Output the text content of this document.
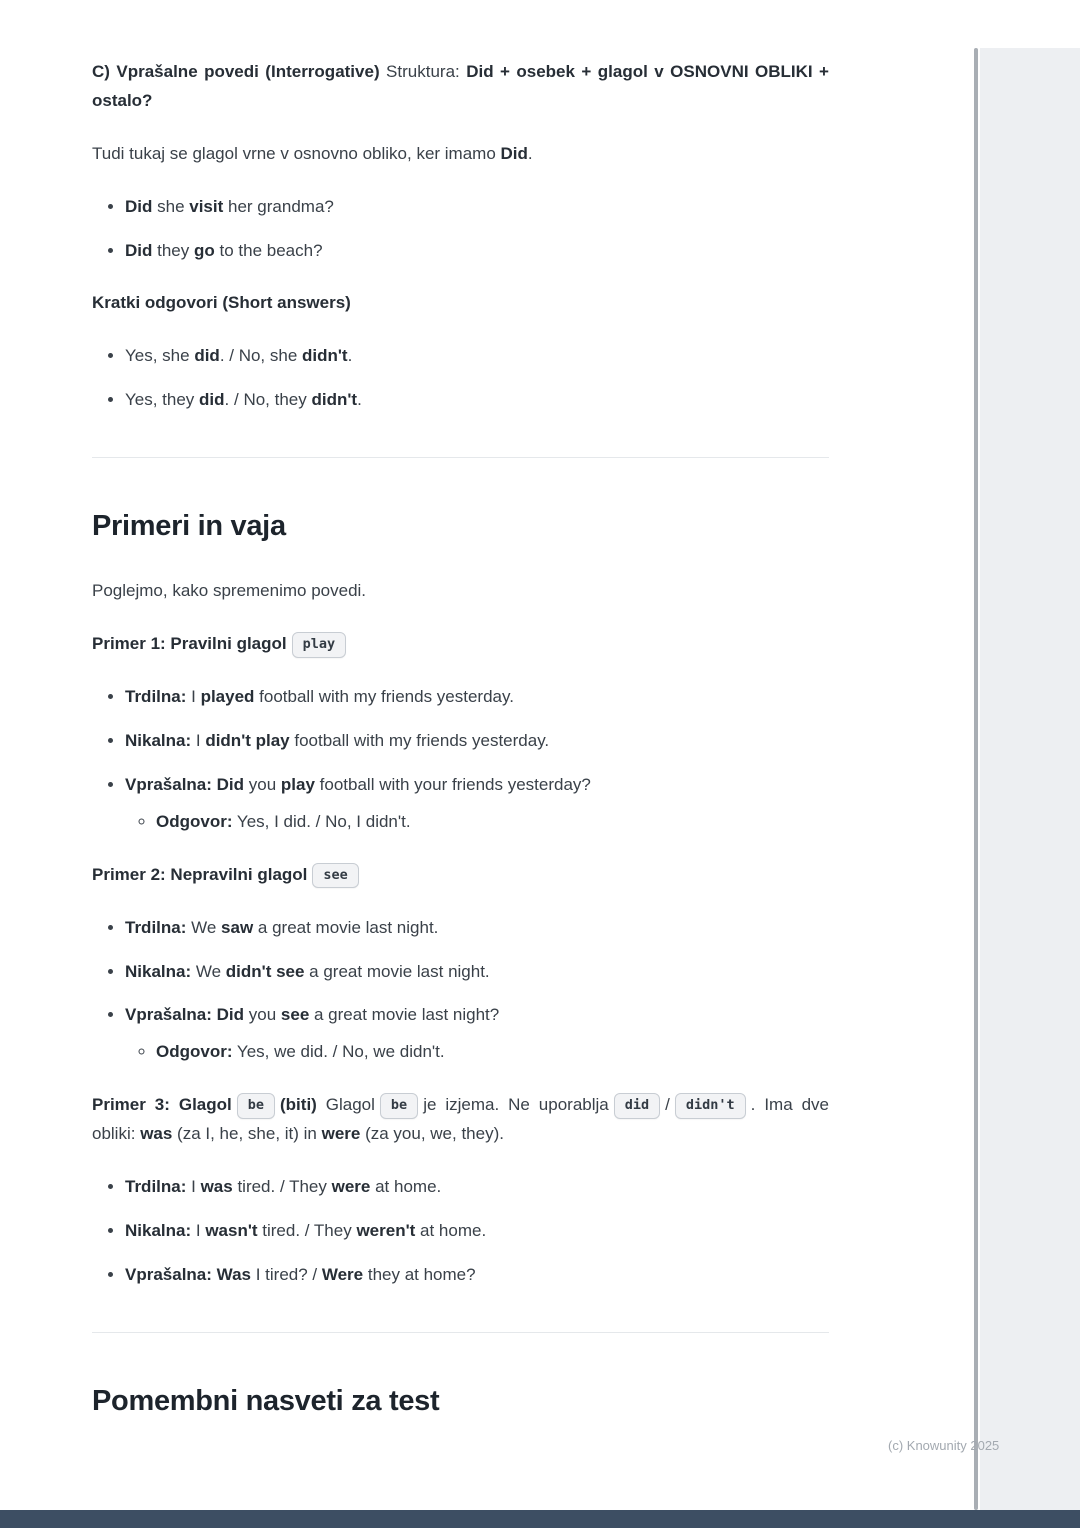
C) Vprašalne povedi (Interrogative) Struktura: Did + osebek + glagol v OSNOVNI OBLIKI + ostalo?

Tudi tukaj se glagol vrne v osnovno obliko, ker imamo Did.

• Did she visit her grandma?
• Did they go to the beach?

Kratki odgovori (Short answers)

• Yes, she did. / No, she didn't.
• Yes, they did. / No, they didn't.
Primeri in vaja

Poglejmo, kako spremenimo povedi.

Primer 1: Pravilni glagol play

• Trdilna: I played football with my friends yesterday.
• Nikalna: I didn't play football with my friends yesterday.
• Vprašalna: Did you play football with your friends yesterday?
◦ Odgovor: Yes, I did. / No, I didn't.

Primer 2: Nepravilni glagol see

• Trdilna: We saw a great movie last night.
• Nikalna: We didn't see a great movie last night.
• Vprašalna: Did you see a great movie last night?
◦ Odgovor: Yes, we did. / No, we didn't.

Primer 3: Glagol be (biti) Glagol be je izjema. Ne uporablja did / didn't . Ima dve obliki: was (za I, he, she, it) in were (za you, we, they).

• Trdilna: I was tired. / They were at home.
• Nikalna: I wasn't tired. / They weren't at home.
• Vprašalna: Was I tired? / Were they at home?
Pomembni nasveti za test
(c) Knowunity 2025
